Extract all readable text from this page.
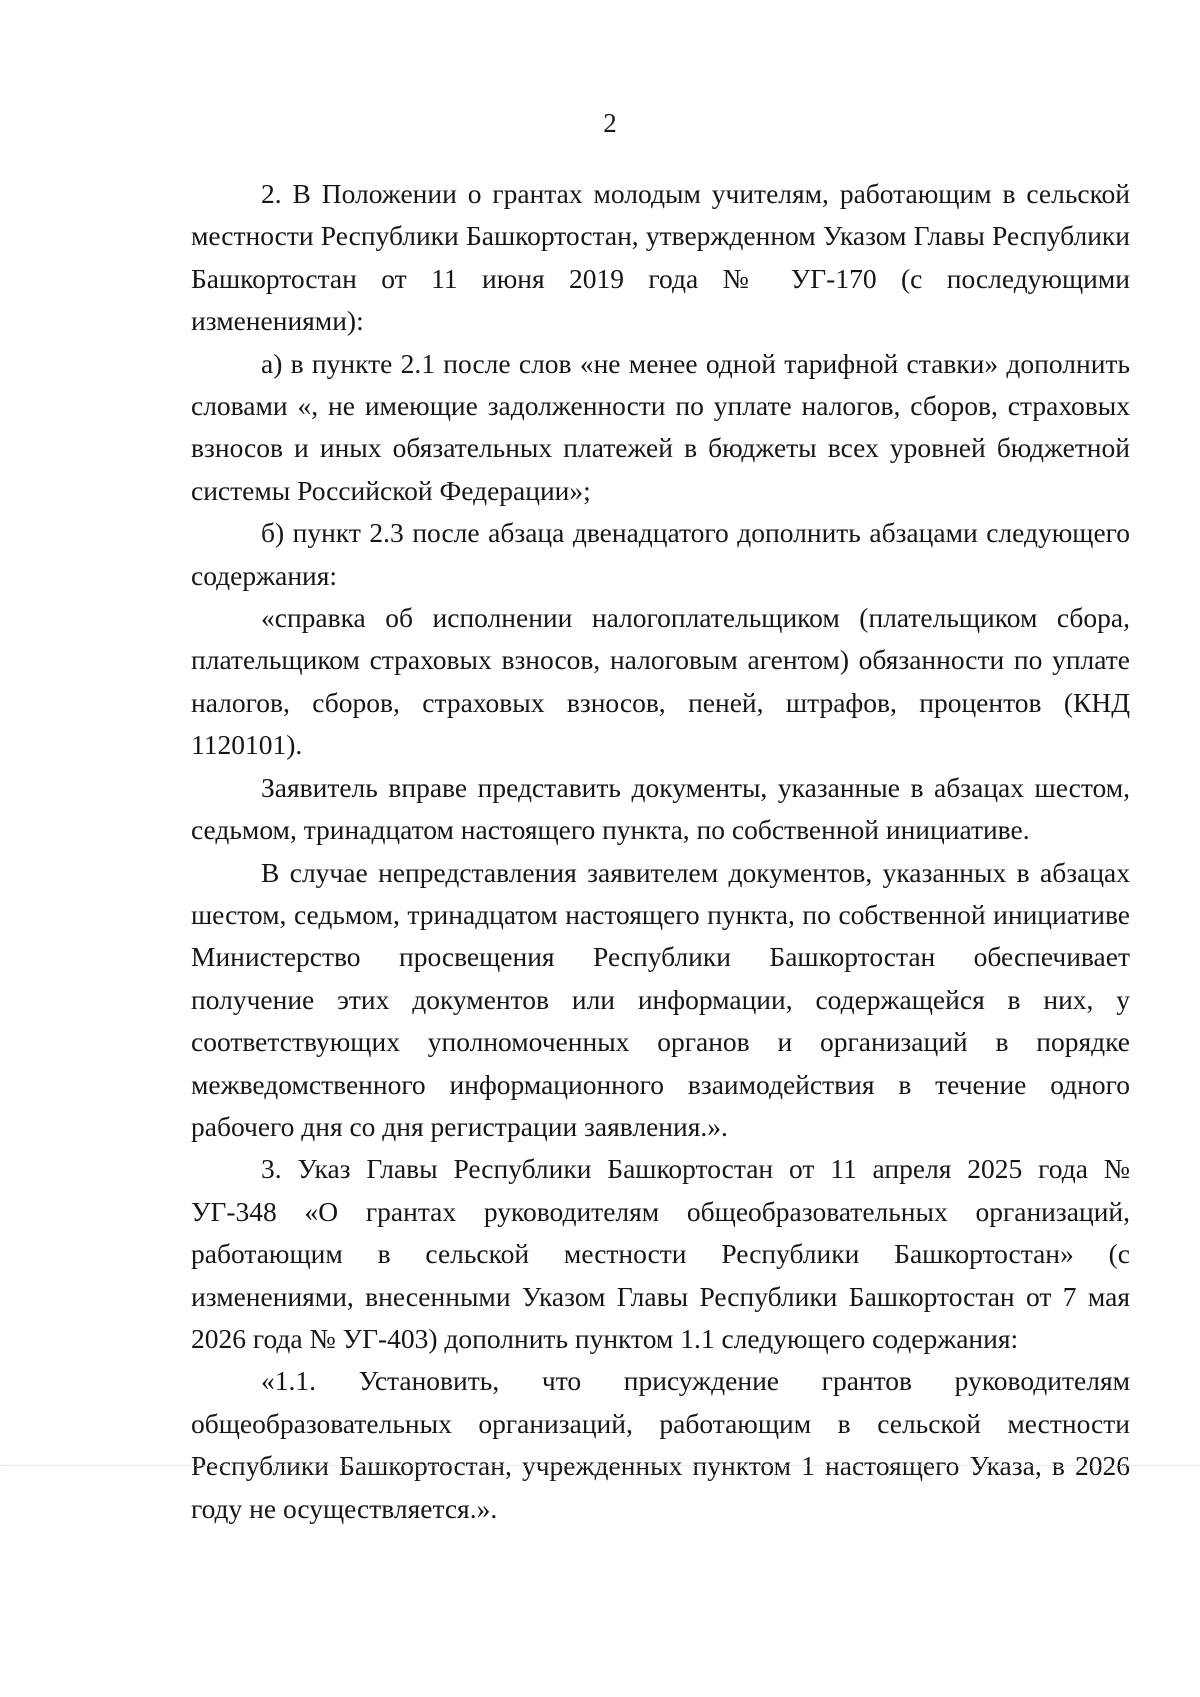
2

2. В Положении о грантах молодым учителям, работающим в сельской местности Республики Башкортостан, утвержденном Указом Главы Республики Башкортостан от 11 июня 2019 года № УГ-170 (с последующими изменениями):

а) в пункте 2.1 после слов «не менее одной тарифной ставки» дополнить словами «, не имеющие задолженности по уплате налогов, сборов, страховых взносов и иных обязательных платежей в бюджеты всех уровней бюджетной системы Российской Федерации»;

б) пункт 2.3 после абзаца двенадцатого дополнить абзацами следующего содержания:

«справка об исполнении налогоплательщиком (плательщиком сбора, плательщиком страховых взносов, налоговым агентом) обязанности по уплате налогов, сборов, страховых взносов, пеней, штрафов, процентов (КНД 1120101).

Заявитель вправе представить документы, указанные в абзацах шестом, седьмом, тринадцатом настоящего пункта, по собственной инициативе.

В случае непредставления заявителем документов, указанных в абзацах шестом, седьмом, тринадцатом настоящего пункта, по собственной инициативе Министерство просвещения Республики Башкортостан обеспечивает получение этих документов или информации, содержащейся в них, у соответствующих уполномоченных органов и организаций в порядке межведомственного информационного взаимодействия в течение одного рабочего дня со дня регистрации заявления.».

3. Указ Главы Республики Башкортостан от 11 апреля 2025 года № УГ-348 «О грантах руководителям общеобразовательных организаций, работающим в сельской местности Республики Башкортостан» (с изменениями, внесенными Указом Главы Республики Башкортостан от 7 мая 2026 года № УГ-403) дополнить пунктом 1.1 следующего содержания:

«1.1. Установить, что присуждение грантов руководителям общеобразовательных организаций, работающим в сельской местности Республики Башкортостан, учрежденных пунктом 1 настоящего Указа, в 2026 году не осуществляется.».
